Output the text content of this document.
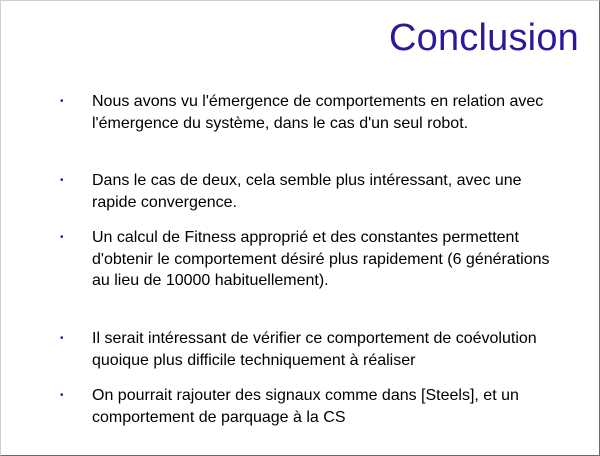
Conclusion
• Nous avons vu l'émergence de comportements en relation avec l'émergence du système, dans le cas d'un seul robot.

• Dans le cas de deux, cela semble plus intéressant, avec une rapide convergence.

• Un calcul de Fitness approprié et des constantes permettent d'obtenir le comportement désiré plus rapidement (6 générations au lieu de 10000 habituellement).

• Il serait intéressant de vérifier ce comportement de coévolution quoique plus difficile techniquement à réaliser

• On pourrait rajouter des signaux comme dans [Steels], et un comportement de parquage à la CS
